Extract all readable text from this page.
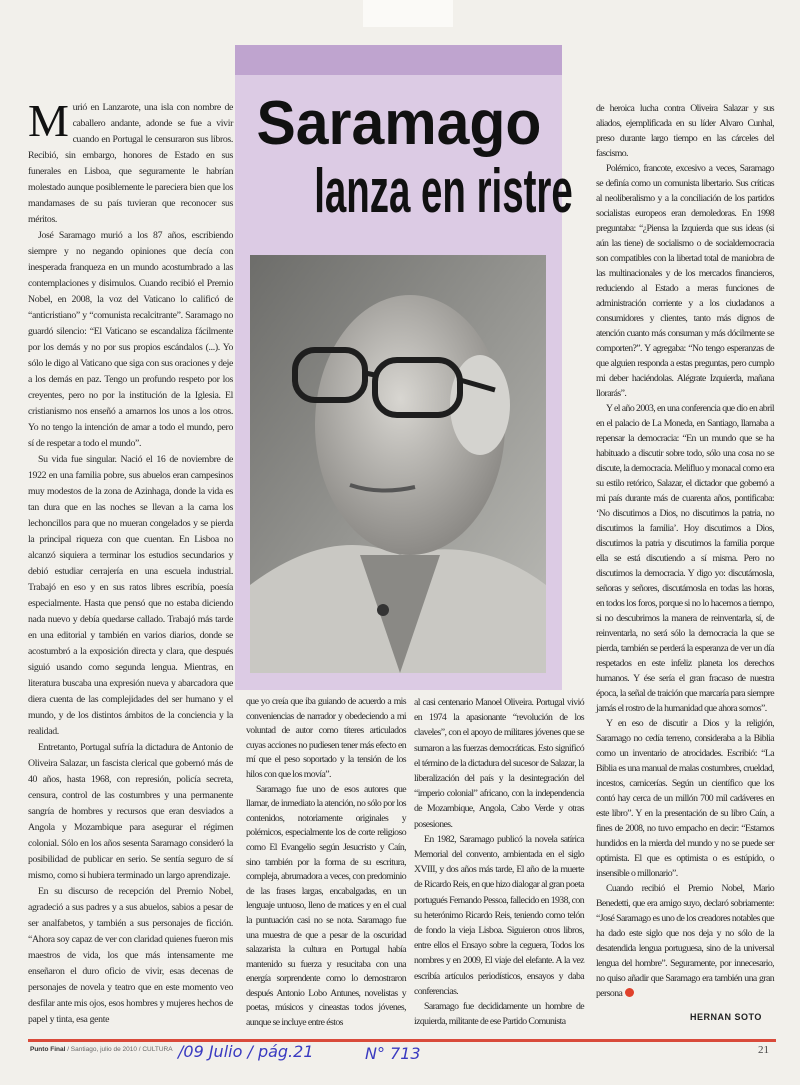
Saramago
lanza en ristre

Murió en Lanzarote, una isla con nombre de caballero andante, adonde se fue a vivir cuando en Portugal le censuraron sus libros. Recibió, sin embargo, honores de Estado en sus funerales en Lisboa, que seguramente le habrían molestado aunque posiblemente le pareciera bien que los mandamases de su país tuvieran que reconocer sus méritos.

José Saramago murió a los 87 años, escribiendo siempre y no negando opiniones que decía con inesperada franqueza en un mundo acostumbrado a las contemplaciones y disimulos. Cuando recibió el Premio Nobel, en 2008, la voz del Vaticano lo calificó de “anticristiano” y “comunista recalcitrante”. Saramago no guardó silencio: “El Vaticano se escandaliza fácilmente por los demás y no por sus propios escándalos (...). Yo sólo le digo al Vaticano que siga con sus oraciones y deje a los demás en paz. Tengo un profundo respeto por los creyentes, pero no por la institución de la Iglesia. El cristianismo nos enseñó a amarnos los unos a los otros. Yo no tengo la intención de amar a todo el mundo, pero sí de respetar a todo el mundo”.

Su vida fue singular. Nació el 16 de noviembre de 1922 en una familia pobre, sus abuelos eran campesinos muy modestos de la zona de Azinhaga, donde la vida es tan dura que en las noches se llevan a la cama los lechoncillos para que no mueran congelados y se pierda la principal riqueza con que cuentan. En Lisboa no alcanzó siquiera a terminar los estudios secundarios y debió estudiar cerrajería en una escuela industrial. Trabajó en eso y en sus ratos libres escribía, poesía especialmente. Hasta que pensó que no estaba diciendo nada nuevo y debía quedarse callado. Trabajó más tarde en una editorial y también en varios diarios, donde se acostumbró a la exposición directa y clara, que después siguió usando como segunda lengua. Mientras, en literatura buscaba una expresión nueva y abarcadora que diera cuenta de las complejidades del ser humano y el mundo, y de los distintos ámbitos de la conciencia y la realidad.

Entretanto, Portugal sufría la dictadura de Antonio de Oliveira Salazar, un fascista clerical que gobernó más de 40 años, hasta 1968, con represión, policía secreta, censura, control de las costumbres y una permanente sangría de hombres y recursos que eran desviados a Angola y Mozambique para asegurar el régimen colonial. Sólo en los años sesenta Saramago consideró la posibilidad de publicar en serio. Se sentía seguro de sí mismo, como si hubiera terminado un largo aprendizaje.

En su discurso de recepción del Premio Nobel, agradeció a sus padres y a sus abuelos, sabios a pesar de ser analfabetos, y también a sus personajes de ficción. “Ahora soy capaz de ver con claridad quienes fueron mis maestros de vida, los que más intensamente me enseñaron el duro oficio de vivir, esas decenas de personajes de novela y teatro que en este momento veo desfilar ante mis ojos, esos hombres y mujeres hechos de papel y tinta, esa gente

que yo creía que iba guiando de acuerdo a mis conveniencias de narrador y obedeciendo a mi voluntad de autor como títeres articulados cuyas acciones no pudiesen tener más efecto en mí que el peso soportado y la tensión de los hilos con que los movía”.

Saramago fue uno de esos autores que llamar, de inmediato la atención, no sólo por los contenidos, notoriamente originales y polémicos, especialmente los de corte religioso como El Evangelio según Jesucristo y Caín, sino también por la forma de su escritura, compleja, abrumadora a veces, con predominio de las frases largas, encabalgadas, en un lenguaje untuoso, lleno de matices y en el cual la puntuación casi no se nota. Saramago fue una muestra de que a pesar de la oscuridad salazarista la cultura en Portugal había mantenido su fuerza y resucitaba con una energía sorprendente como lo demostraron después Antonio Lobo Antunes, novelistas y poetas, músicos y cineastas todos jóvenes, aunque se incluye entre éstos

al casi centenario Manoel Oliveira. Portugal vivió en 1974 la apasionante “revolución de los claveles”, con el apoyo de militares jóvenes que se sumaron a las fuerzas democráticas. Esto significó el término de la dictadura del sucesor de Salazar, la liberalización del país y la desintegración del “imperio colonial” africano, con la independencia de Mozambique, Angola, Cabo Verde y otras posesiones.

En 1982, Saramago publicó la novela satírica Memorial del convento, ambientada en el siglo XVIII, y dos años más tarde, El año de la muerte de Ricardo Reis, en que hizo dialogar al gran poeta portugués Fernando Pessoa, fallecido en 1938, con su heterónimo Ricardo Reis, teniendo como telón de fondo la vieja Lisboa. Siguieron otros libros, entre ellos el Ensayo sobre la ceguera, Todos los nombres y en 2009, El viaje del elefante. A la vez escribía artículos periodísticos, ensayos y daba conferencias.

Saramago fue decididamente un hombre de izquierda, militante de ese Partido Comunista

de heroica lucha contra Oliveira Salazar y sus aliados, ejemplificada en su líder Alvaro Cunhal, preso durante largo tiempo en las cárceles del fascismo.

Polémico, francote, excesivo a veces, Saramago se definía como un comunista libertario. Sus críticas al neoliberalismo y a la conciliación de los partidos socialistas europeos eran demoledoras. En 1998 preguntaba: “¿Piensa la Izquierda que sus ideas (si aún las tiene) de socialismo o de socialdemocracia son compatibles con la libertad total de maniobra de las multinacionales y de los mercados financieros, reduciendo al Estado a meras funciones de administración corriente y a los ciudadanos a consumidores y clientes, tanto más dignos de atención cuanto más consuman y más dócilmente se comporten?”. Y agregaba: “No tengo esperanzas de que alguien responda a estas preguntas, pero cumplo mi deber haciéndolas. Alégrate Izquierda, mañana llorarás”.

Y el año 2003, en una conferencia que dio en abril en el palacio de La Moneda, en Santiago, llamaba a repensar la democracia: “En un mundo que se ha habituado a discutir sobre todo, sólo una cosa no se discute, la democracia. Melifluo y monacal como era su estilo retórico, Salazar, el dictador que gobernó a mi país durante más de cuarenta años, pontificaba: ‘No discutimos a Dios, no discutimos la patria, no discutimos la familia’. Hoy discutimos a Dios, discutimos la patria y discutimos la familia porque ella se está discutiendo a sí misma. Pero no discutimos la democracia. Y digo yo: discutámosla, señoras y señores, discutámosla en todas las horas, en todos los foros, porque si no lo hacemos a tiempo, si no descubrimos la manera de reinventarla, sí, de reinventarla, no será sólo la democracia la que se pierda, también se perderá la esperanza de ver un día respetados en este infeliz planeta los derechos humanos. Y ése sería el gran fracaso de nuestra época, la señal de traición que marcaría para siempre jamás el rostro de la humanidad que ahora somos”.

Y en eso de discutir a Dios y la religión, Saramago no cedía terreno, consideraba a la Biblia como un inventario de atrocidades. Escribió: “La Biblia es una manual de malas costumbres, crueldad, incestos, carnicerías. Según un científico que los contó hay cerca de un millón 700 mil cadáveres en este libro”. Y en la presentación de su libro Caín, a fines de 2008, no tuvo empacho en decir: “Estamos hundidos en la mierda del mundo y no se puede ser optimista. El que es optimista o es estúpido, o insensible o millonario”.

Cuando recibió el Premio Nobel, Mario Benedetti, que era amigo suyo, declaró sobriamente: “José Saramago es uno de los creadores notables que ha dado este siglo que nos deja y no sólo de la desatendida lengua portuguesa, sino de la universal lengua del hombre”. Seguramente, por innecesario, no quiso añadir que Saramago era también una gran persona

HERNAN SOTO
Punto Final / Santiago, julio de 2010 / CULTURA /09 Julio / pág.21	N° 713	21
